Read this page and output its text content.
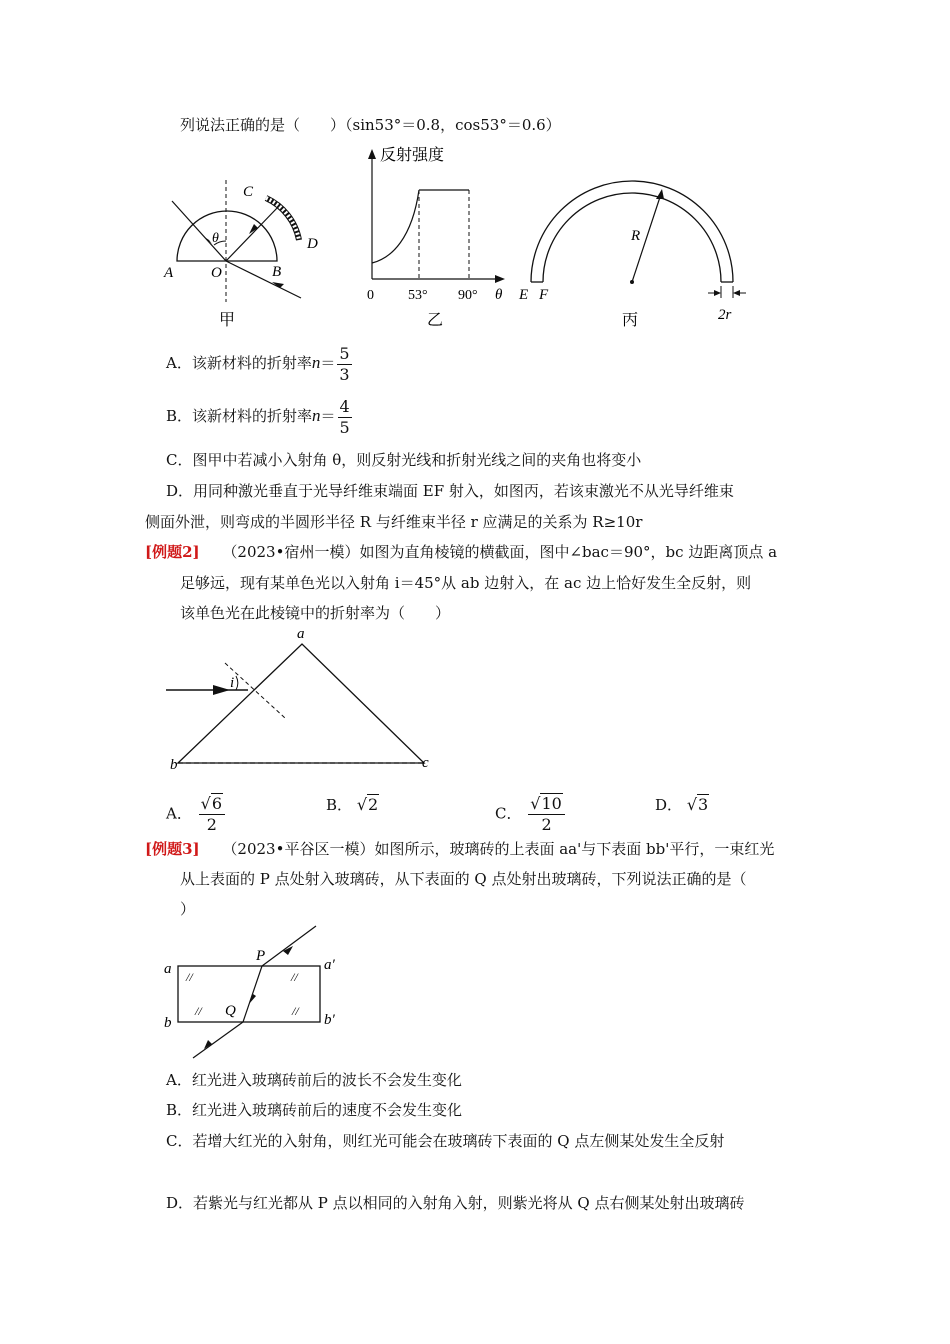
列说法正确的是（　　）（sin53°＝0.8，cos53°＝0.6）
A	O	B
C
D
θ
甲
反射强度
0 53° 90° θ
乙
E F
R
2r
丙
A．该新材料的折射率$n= \frac{5}{3}$
B．该新材料的折射率$n= \frac{4}{5}$
C．图甲中若减小入射角 θ，则反射光线和折射光线之间的夹角也将变小
D．用同种激光垂直于光导纤维束端面 EF 射入，如图丙，若该束激光不从光导纤维束
侧面外泄，则弯成的半圆形半径 R 与纤维束半径 r 应满足的关系为 R≥10r
[例题2] （2023•宿州一模）如图为直角棱镜的横截面，图中∠bac＝90°，bc 边距离顶点 a
足够远，现有某单色光以入射角 i＝45°从 ab 边射入，在 ac 边上恰好发生全反射，则
该单色光在此棱镜中的折射率为（　　）
a
b	c
i
A． $\frac{√6}{2}$	B． √2	C． $\frac{√10}{2}$	D． √3
[例题3] （2023•平谷区一模）如图所示，玻璃砖的上表面 aa'与下表面 bb'平行，一束红光
从上表面的 P 点处射入玻璃砖，从下表面的 Q 点处射出玻璃砖，下列说法正确的是（
）
a	a′
b	b′
P
Q
//	//
//	//
A．红光进入玻璃砖前后的波长不会发生变化
B．红光进入玻璃砖前后的速度不会发生变化
C．若增大红光的入射角，则红光可能会在玻璃砖下表面的 Q 点左侧某处发生全反射
D．若紫光与红光都从 P 点以相同的入射角入射，则紫光将从 Q 点右侧某处射出玻璃砖
